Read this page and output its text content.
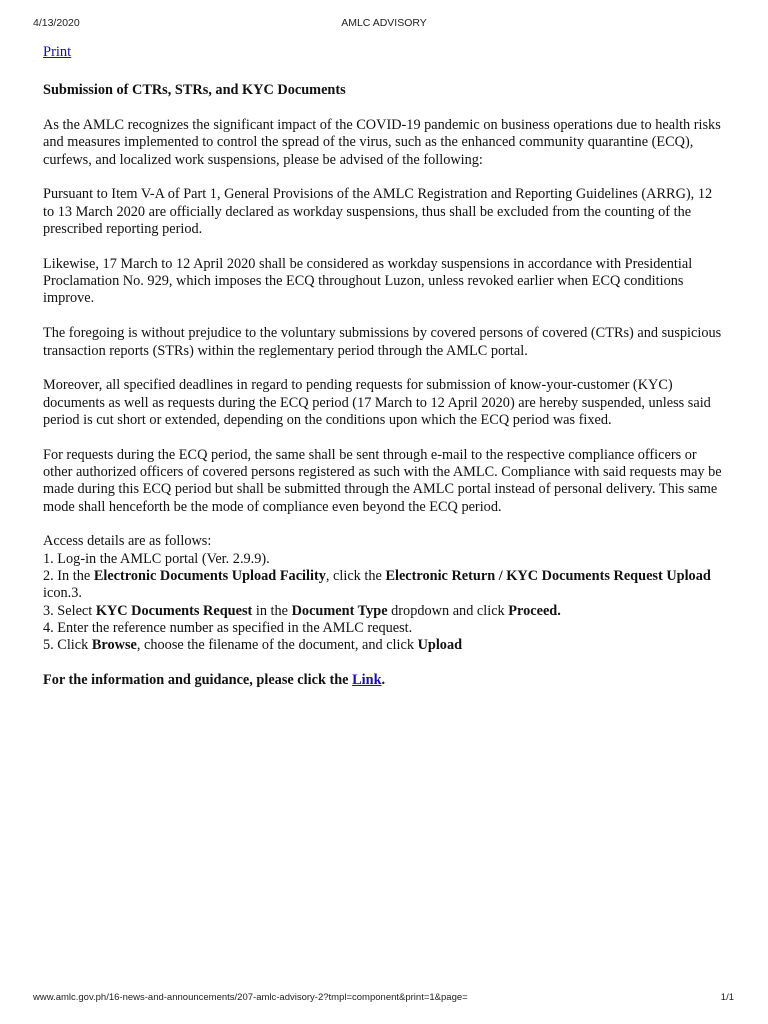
4/13/2020	AMLC ADVISORY
Print

Submission of CTRs, STRs, and KYC Documents

As the AMLC recognizes the significant impact of the COVID-19 pandemic on business operations due to health risks and measures implemented to control the spread of the virus, such as the enhanced community quarantine (ECQ), curfews, and localized work suspensions, please be advised of the following:

Pursuant to Item V-A of Part 1, General Provisions of the AMLC Registration and Reporting Guidelines (ARRG), 12 to 13 March 2020 are officially declared as workday suspensions, thus shall be excluded from the counting of the prescribed reporting period.

Likewise, 17 March to 12 April 2020 shall be considered as workday suspensions in accordance with Presidential Proclamation No. 929, which imposes the ECQ throughout Luzon, unless revoked earlier when ECQ conditions improve.

The foregoing is without prejudice to the voluntary submissions by covered persons of covered (CTRs) and suspicious transaction reports (STRs) within the reglementary period through the AMLC portal.

Moreover, all specified deadlines in regard to pending requests for submission of know-your-customer (KYC) documents as well as requests during the ECQ period (17 March to 12 April 2020) are hereby suspended, unless said period is cut short or extended, depending on the conditions upon which the ECQ period was fixed.

For requests during the ECQ period, the same shall be sent through e-mail to the respective compliance officers or other authorized officers of covered persons registered as such with the AMLC. Compliance with said requests may be made during this ECQ period but shall be submitted through the AMLC portal instead of personal delivery. This same mode shall henceforth be the mode of compliance even beyond the ECQ period.

Access details are as follows:

1. Log-in the AMLC portal (Ver. 2.9.9).
2. In the Electronic Documents Upload Facility, click the Electronic Return / KYC Documents Request Upload icon.3.
3. Select KYC Documents Request in the Document Type dropdown and click Proceed.
4. Enter the reference number as specified in the AMLC request.
5. Click Browse, choose the filename of the document, and click Upload

For the information and guidance, please click the Link.

www.amlc.gov.ph/16-news-and-announcements/207-amlc-advisory-2?tmpl=component&print=1&page=	1/1
